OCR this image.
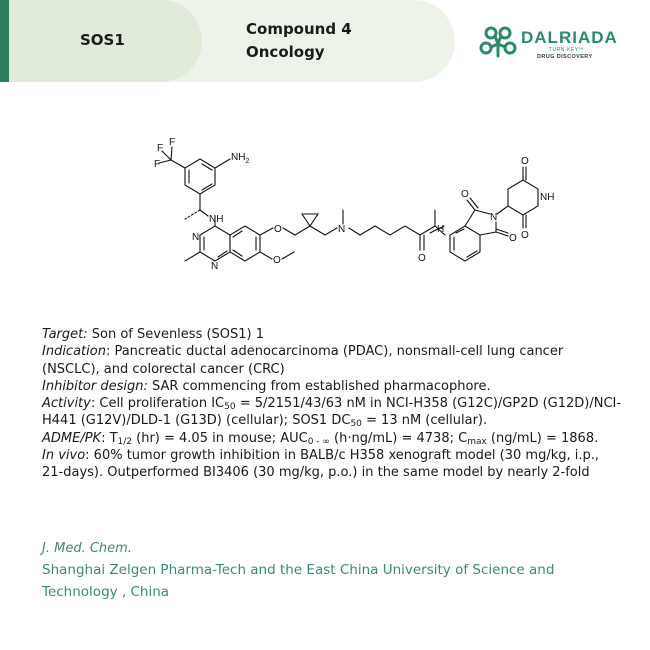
SOS1
Compound 4
Oncology
DALRIADA
TURN-KEY™
DRUG DISCOVERY
F
F
F
$NH_2$
NH
N
N
O
O
N
O
H
N
O
O
O
O
NH

Target: Son of Sevenless (SOS1) 1

Indication: Pancreatic ductal adenocarcinoma (PDAC), nonsmall-cell lung cancer (NSCLC), and colorectal cancer (CRC)

Inhibitor design: SAR commencing from established pharmacophore.

Activity: Cell proliferation $IC_{50} = 5/2151/43/63$ nM in NCI-H358 (G12C)/GP2D (G12D)/NCI-H441 (G12V)/DLD-1 (G13D) (cellular); SOS1 $DC_{50} = 13$ nM (cellular).

ADME/PK: $T_{1/2}$ (hr) = 4.05 in mouse; $AUC_{0 - \infty}$ (h·ng/mL) = 4738; $C_{max}$ (ng/mL) = 1868.

In vivo: 60% tumor growth inhibition in BALB/c H358 xenograft model (30 mg/kg, i.p., 21-days). Outperformed BI3406 (30 mg/kg, p.o.) in the same model by nearly 2-fold

J. Med. Chem.
Shanghai Zelgen Pharma-Tech and the East China University of Science and Technology , China
